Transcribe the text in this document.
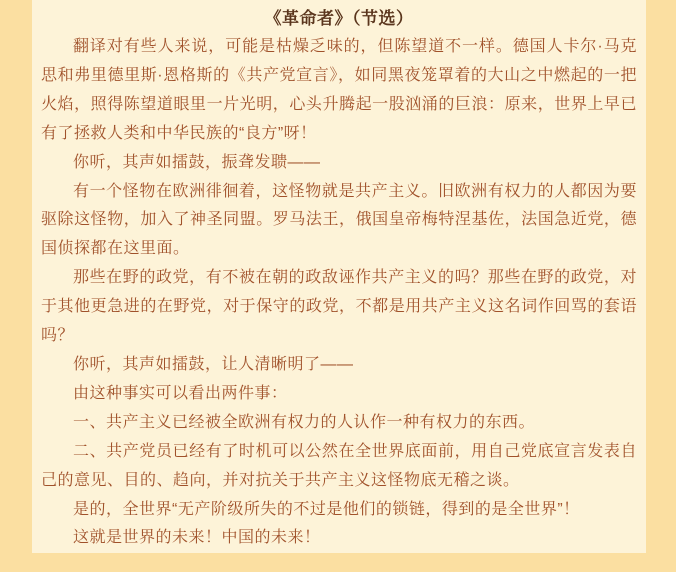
《革命者》（节选）

翻译对有些人来说，可能是枯燥乏味的，但陈望道不一样。德国人卡尔·马克思和弗里德里斯·恩格斯的《共产党宣言》，如同黑夜笼罩着的大山之中燃起的一把火焰，照得陈望道眼里一片光明，心头升腾起一股汹涌的巨浪：原来，世界上早已有了拯救人类和中华民族的“良方”呀！

你听，其声如擂鼓，振聋发聩——

有一个怪物在欧洲徘徊着，这怪物就是共产主义。旧欧洲有权力的人都因为要驱除这怪物，加入了神圣同盟。罗马法王，俄国皇帝梅特涅基佐，法国急近党，德国侦探都在这里面。

那些在野的政党，有不被在朝的政敌诬作共产主义的吗？那些在野的政党，对于其他更急进的在野党，对于保守的政党，不都是用共产主义这名词作回骂的套语吗？

你听，其声如擂鼓，让人清晰明了——

由这种事实可以看出两件事：

一、共产主义已经被全欧洲有权力的人认作一种有权力的东西。

二、共产党员已经有了时机可以公然在全世界底面前，用自己党底宣言发表自己的意见、目的、趋向，并对抗关于共产主义这怪物底无稽之谈。

是的，全世界“无产阶级所失的不过是他们的锁链，得到的是全世界”！

这就是世界的未来！中国的未来！
